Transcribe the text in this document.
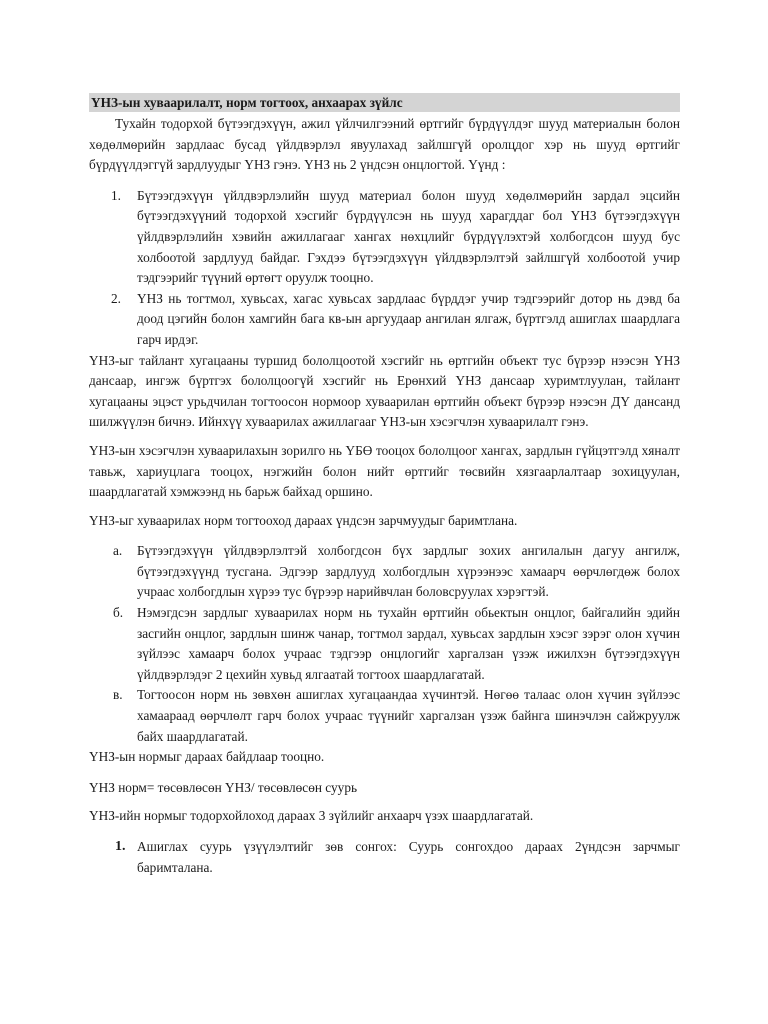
ҮНЗ-ын хуваарилалт, норм тогтоох, анхаарах зүйлс

Тухайн тодорхой бүтээгдэхүүн, ажил үйлчилгээний өртгийг бүрдүүлдэг шууд материалын болон хөдөлмөрийн зардлаас бусад үйлдвэрлэл явуулахад зайлшгүй оролцдог хэр нь шууд өртгийг бүрдүүлдэггүй зардлуудыг ҮНЗ гэнэ. ҮНЗ нь 2 үндсэн онцлогтой. Үүнд :

1. Бүтээгдэхүүн үйлдвэрлэлийн шууд материал болон шууд хөдөлмөрийн зардал эцсийн бүтээгдэхүүний тодорхой хэсгийг бүрдүүлсэн нь шууд харагддаг бол ҮНЗ бүтээгдэхүүн үйлдвэрлэлийн хэвийн ажиллагааг хангах нөхцлийг бүрдүүлэхтэй холбогдсон шууд бус холбоотой зардлууд байдаг. Гэхдээ бүтээгдэхүүн үйлдвэрлэлтэй зайлшгүй холбоотой учир тэдгээрийг түүний өртөгт оруулж тооцно.
2. ҮНЗ нь тогтмол, хувьсах, хагас хувьсах зардлаас бүрддэг учир тэдгээрийг дотор нь дэвд ба доод цэгийн болон хамгийн бага кв-ын аргуудаар ангилан ялгаж, бүртгэлд ашиглах шаардлага гарч ирдэг.

ҮНЗ-ыг тайлант хугацааны туршид бололцоотой хэсгийг нь өртгийн объект тус бүрээр нээсэн ҮНЗ дансаар, ингэж бүртгэх бололцоогүй хэсгийг нь Ерөнхий ҮНЗ дансаар хуримтлуулан, тайлант хугацааны эцэст урьдчилан тогтоосон нормоор хуваарилан өртгийн объект бүрээр нээсэн ДҮ дансанд шилжүүлэн бичнэ. Ийнхүү хуваарилах ажиллагааг ҮНЗ-ын хэсэгчлэн хуваарилалт гэнэ.

ҮНЗ-ын хэсэгчлэн хуваарилахын зорилго нь ҮБӨ тооцох бололцоог хангах, зардлын гүйцэтгэлд хяналт тавьж, хариуцлага тооцох, нэгжийн болон нийт өртгийг төсвийн хязгаарлалтаар зохицуулан, шаардлагатай хэмжээнд нь барьж байхад оршино.

ҮНЗ-ыг хуваарилах норм тогтооход дараах үндсэн зарчмуудыг баримтлана.

а. Бүтээгдэхүүн үйлдвэрлэлтэй холбогдсон бүх зардлыг зохих ангилалын дагуу ангилж, бүтээгдэхүүнд тусгана. Эдгээр зардлууд холбогдлын хүрээнээс хамаарч өөрчлөгдөж болох учраас холбогдлын хүрээ тус бүрээр нарийвчлан боловсруулах хэрэгтэй.
б. Нэмэгдсэн зардлыг хуваарилах норм нь тухайн өртгийн обьектын онцлог, байгалийн эдийн засгийн онцлог, зардлын шинж чанар, тогтмол зардал, хувьсах зардлын хэсэг зэрэг олон хүчин зүйлээс хамаарч болох учраас тэдгээр онцлогийг харгалзан үзэж ижилхэн бүтээгдэхүүн үйлдвэрлэдэг 2 цехийн хувьд ялгаатай тогтоох шаардлагатай.
в. Тогтоосон норм нь зөвхөн ашиглах хугацаандаа хүчинтэй. Нөгөө талаас олон хүчин зүйлээс хамаараад өөрчлөлт гарч болох учраас түүнийг харгалзан үзэж байнга шинэчлэн сайжруулж байх шаардлагатай.

ҮНЗ-ын нормыг дараах байдлаар тооцно.

ҮНЗ норм= төсөвлөсөн ҮНЗ/ төсөвлөсөн суурь

ҮНЗ-ийн нормыг тодорхойлоход дараах 3 зүйлийг анхаарч үзэх шаардлагатай.

1. Ашиглах суурь үзүүлэлтийг зөв сонгох: Суурь сонгохдоо дараах 2үндсэн зарчмыг баримталана.
